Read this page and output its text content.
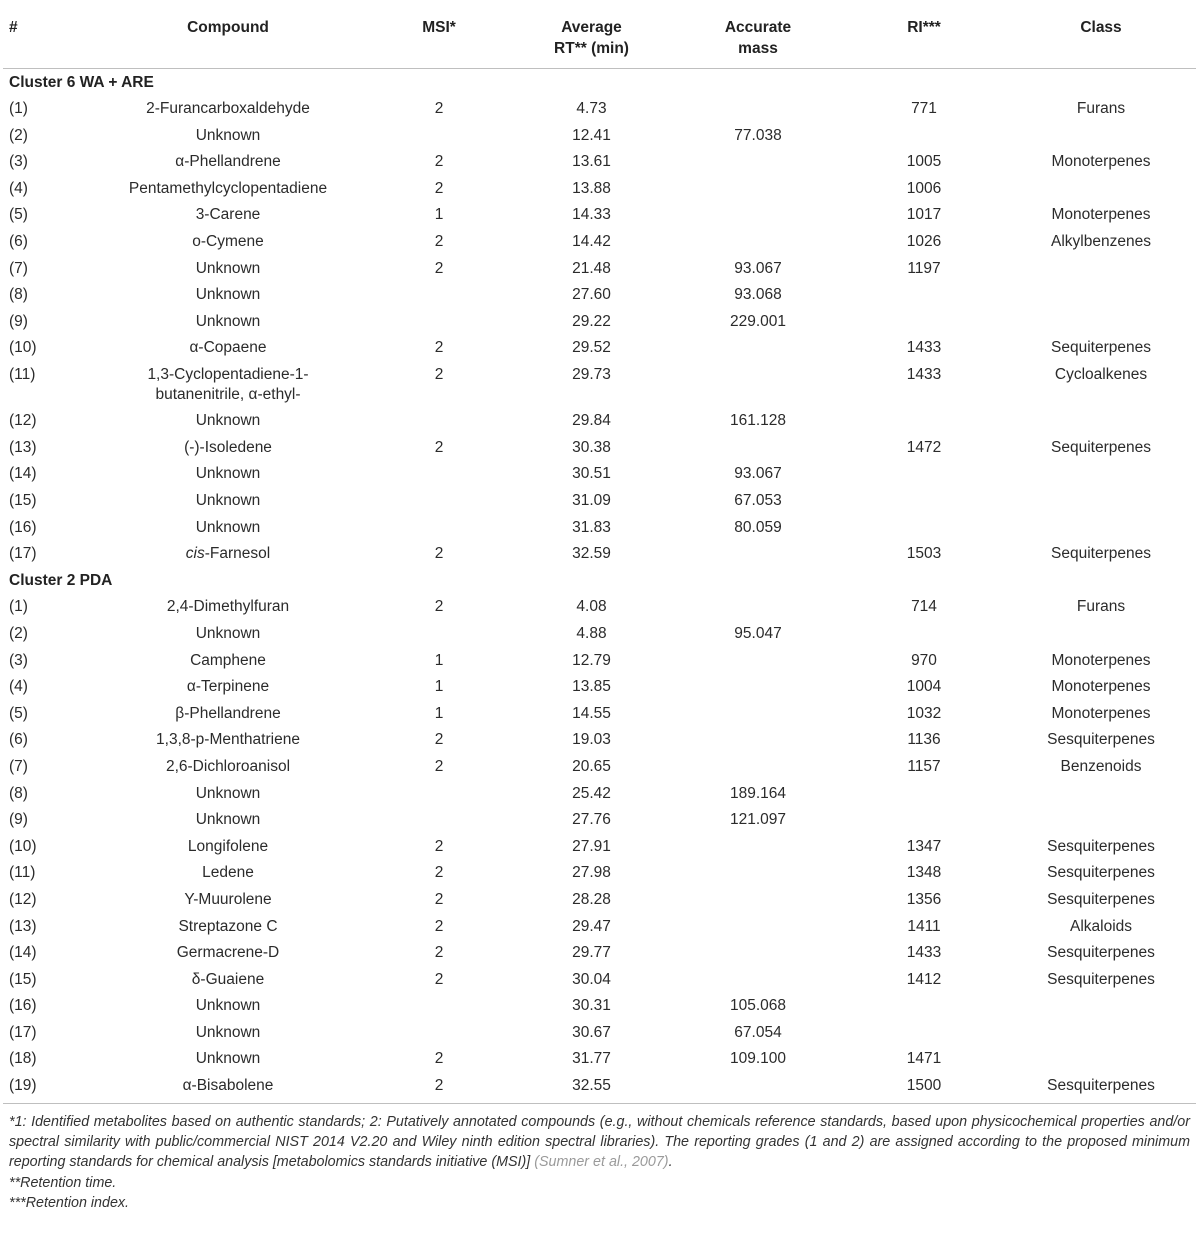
#	Compound	MSI*	Average RT** (min)	Accurate mass	RI***	Class
Cluster 6 WA + ARE						
(1)	2-Furancarboxaldehyde	2	4.73		771	Furans
(2)	Unknown		12.41	77.038		
(3)	α-Phellandrene	2	13.61		1005	Monoterpenes
(4)	Pentamethylcyclopentadiene	2	13.88		1006	
(5)	3-Carene	1	14.33		1017	Monoterpenes
(6)	o-Cymene	2	14.42		1026	Alkylbenzenes
(7)	Unknown	2	21.48	93.067	1197	
(8)	Unknown		27.60	93.068		
(9)	Unknown		29.22	229.001		
(10)	α-Copaene	2	29.52		1433	Sequiterpenes
(11)	1,3-Cyclopentadiene-1-butanenitrile, α-ethyl-	2	29.73		1433	Cycloalkenes
(12)	Unknown		29.84	161.128		
(13)	(-)-Isoledene	2	30.38		1472	Sequiterpenes
(14)	Unknown		30.51	93.067		
(15)	Unknown		31.09	67.053		
(16)	Unknown		31.83	80.059		
(17)	cis-Farnesol	2	32.59		1503	Sequiterpenes
Cluster 2 PDA						
(1)	2,4-Dimethylfuran	2	4.08		714	Furans
(2)	Unknown		4.88	95.047		
(3)	Camphene	1	12.79		970	Monoterpenes
(4)	α-Terpinene	1	13.85		1004	Monoterpenes
(5)	β-Phellandrene	1	14.55		1032	Monoterpenes
(6)	1,3,8-p-Menthatriene	2	19.03		1136	Sesquiterpenes
(7)	2,6-Dichloroanisol	2	20.65		1157	Benzenoids
(8)	Unknown		25.42	189.164		
(9)	Unknown		27.76	121.097		
(10)	Longifolene	2	27.91		1347	Sesquiterpenes
(11)	Ledene	2	27.98		1348	Sesquiterpenes
(12)	Y-Muurolene	2	28.28		1356	Sesquiterpenes
(13)	Streptazone C	2	29.47		1411	Alkaloids
(14)	Germacrene-D	2	29.77		1433	Sesquiterpenes
(15)	δ-Guaiene	2	30.04		1412	Sesquiterpenes
(16)	Unknown		30.31	105.068		
(17)	Unknown		30.67	67.054		
(18)	Unknown	2	31.77	109.100	1471	
(19)	α-Bisabolene	2	32.55		1500	Sesquiterpenes
*1: Identified metabolites based on authentic standards; 2: Putatively annotated compounds (e.g., without chemicals reference standards, based upon physicochemical properties and/or spectral similarity with public/commercial NIST 2014 V2.20 and Wiley ninth edition spectral libraries). The reporting grades (1 and 2) are assigned according to the proposed minimum reporting standards for chemical analysis [metabolomics standards initiative (MSI)] (Sumner et al., 2007).
**Retention time.
***Retention index.
